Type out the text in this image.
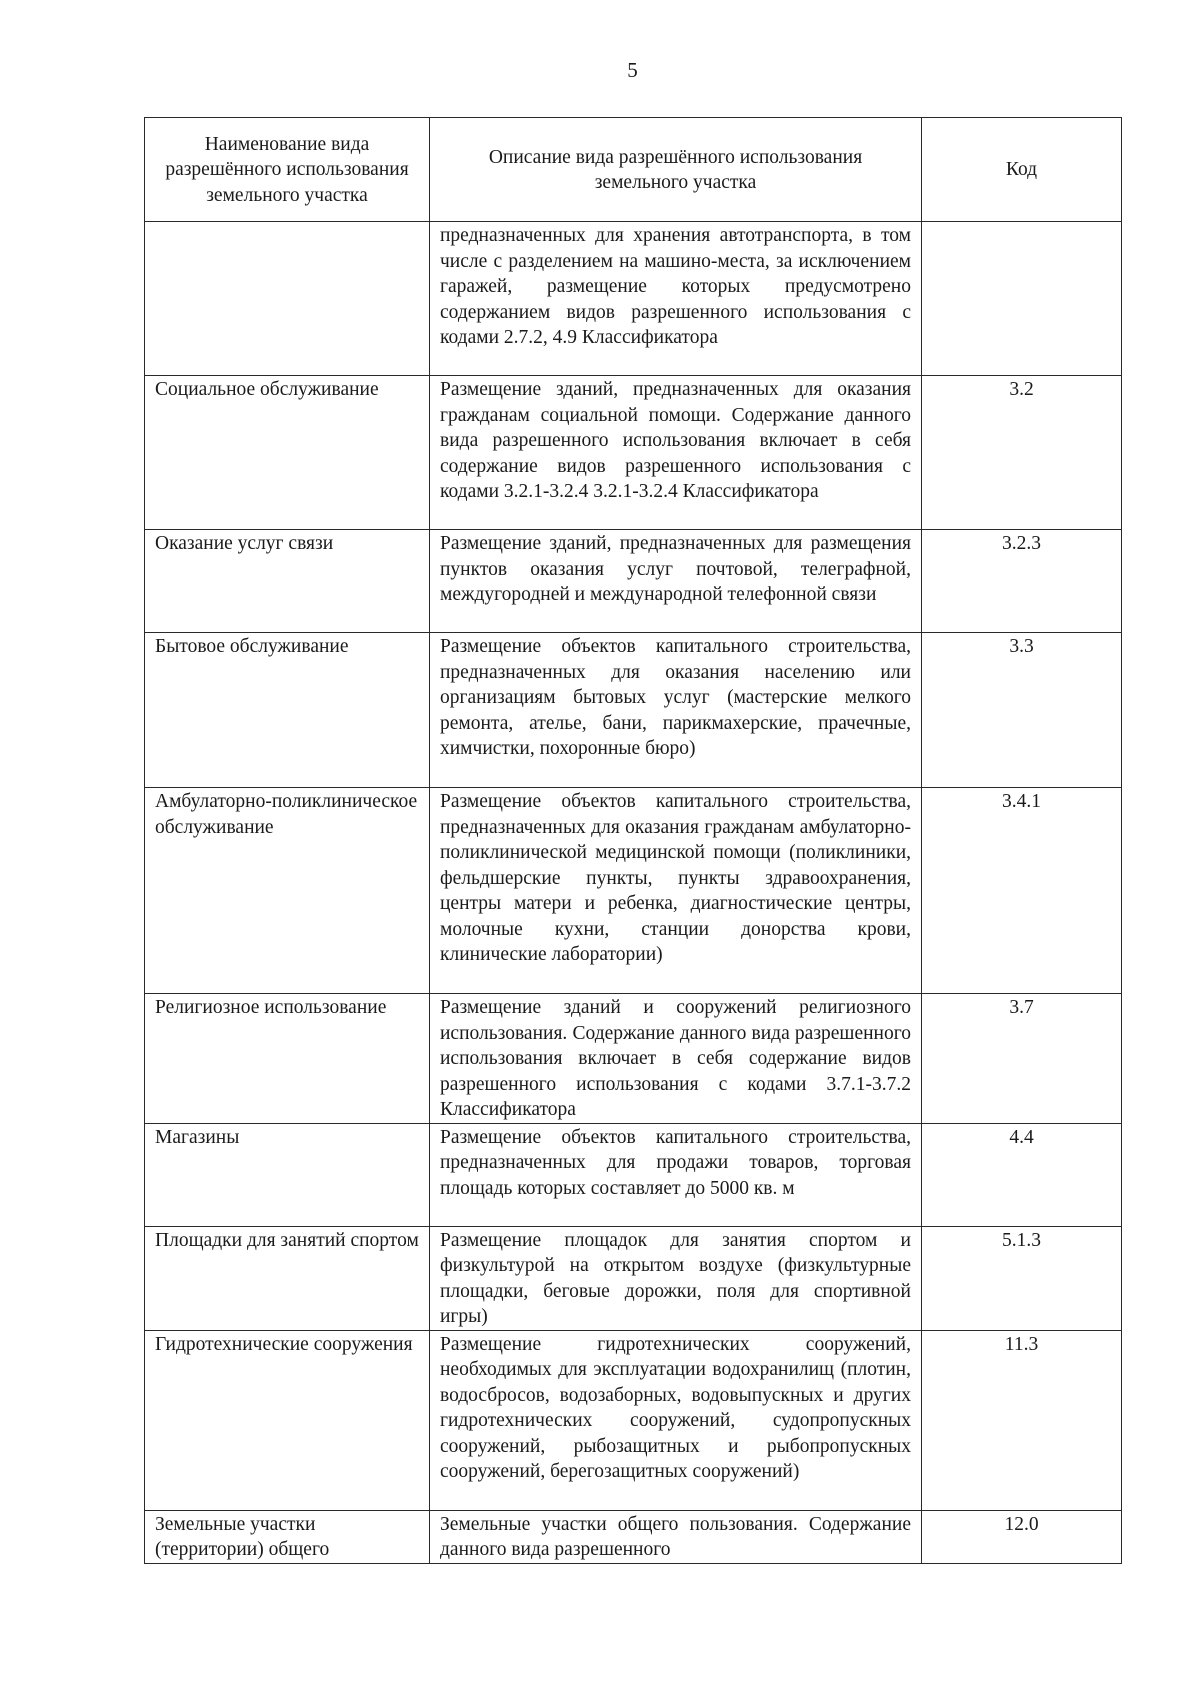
5
Наименование вида разрешённого использования земельного участка	Описание вида разрешённого использования земельного участка	Код
	предназначенных для хранения автотранспорта, в том числе с разделением на машино-места, за исключением гаражей, размещение которых предусмотрено содержанием видов разрешенного использования с кодами 2.7.2, 4.9 Классификатора	
Социальное обслуживание	Размещение зданий, предназначенных для оказания гражданам социальной помощи. Содержание данного вида разрешенного использования включает в себя содержание видов разрешенного использования с кодами 3.2.1-3.2.4 3.2.1-3.2.4 Классификатора	3.2
Оказание услуг связи	Размещение зданий, предназначенных для размещения пунктов оказания услуг почтовой, телеграфной, междугородней и международной телефонной связи	3.2.3
Бытовое обслуживание	Размещение объектов капитального строительства, предназначенных для оказания населению или организациям бытовых услуг (мастерские мелкого ремонта, ателье, бани, парикмахерские, прачечные, химчистки, похоронные бюро)	3.3
Амбулаторно-поликлиническое обслуживание	Размещение объектов капитального строительства, предназначенных для оказания гражданам амбулаторно-поликлинической медицинской помощи (поликлиники, фельдшерские пункты, пункты здравоохранения, центры матери и ребенка, диагностические центры, молочные кухни, станции донорства крови, клинические лаборатории)	3.4.1
Религиозное использование	Размещение зданий и сооружений религиозного использования. Содержание данного вида разрешенного использования включает в себя содержание видов разрешенного использования с кодами 3.7.1-3.7.2 Классификатора	3.7
Магазины	Размещение объектов капитального строительства, предназначенных для продажи товаров, торговая площадь которых составляет до 5000 кв. м	4.4
Площадки для занятий спортом	Размещение площадок для занятия спортом и физкультурой на открытом воздухе (физкультурные площадки, беговые дорожки, поля для спортивной игры)	5.1.3
Гидротехнические сооружения	Размещение гидротехнических сооружений, необходимых для эксплуатации водохранилищ (плотин, водосбросов, водозаборных, водовыпускных и других гидротехнических сооружений, судопропускных сооружений, рыбозащитных и рыбопропускных сооружений, берегозащитных сооружений)	11.3
Земельные участки (территории) общего	Земельные участки общего пользования. Содержание данного вида разрешенного	12.0
